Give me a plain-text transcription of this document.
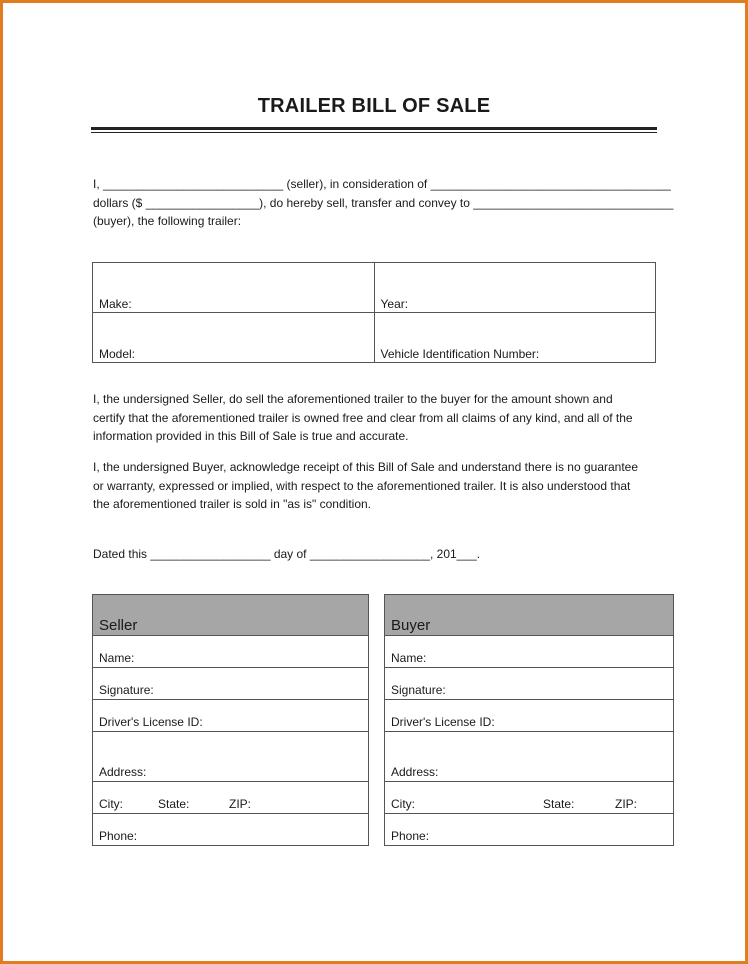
TRAILER BILL OF SALE
I, ___________________________ (seller), in consideration of ____________________________________
dollars ($ _________________), do hereby sell, transfer and convey to ______________________________
(buyer), the following trailer:
Make:	Year:
Model:	Vehicle Identification Number:
I, the undersigned Seller, do sell the aforementioned trailer to the buyer for the amount shown and
certify that the aforementioned trailer is owned free and clear from all claims of any kind, and all of the
information provided in this Bill of Sale is true and accurate.
I, the undersigned Buyer, acknowledge receipt of this Bill of Sale and understand there is no guarantee
or warranty, expressed or implied, with respect to the aforementioned trailer. It is also understood that
the aforementioned trailer is sold in "as is" condition.
Dated this __________________ day of __________________, 201___.
Seller
Name:
Signature:
Driver's License ID:
Address:
City:	State:	ZIP:
Phone:
Buyer
Name:
Signature:
Driver's License ID:
Address:
City:	State:	ZIP:
Phone:
